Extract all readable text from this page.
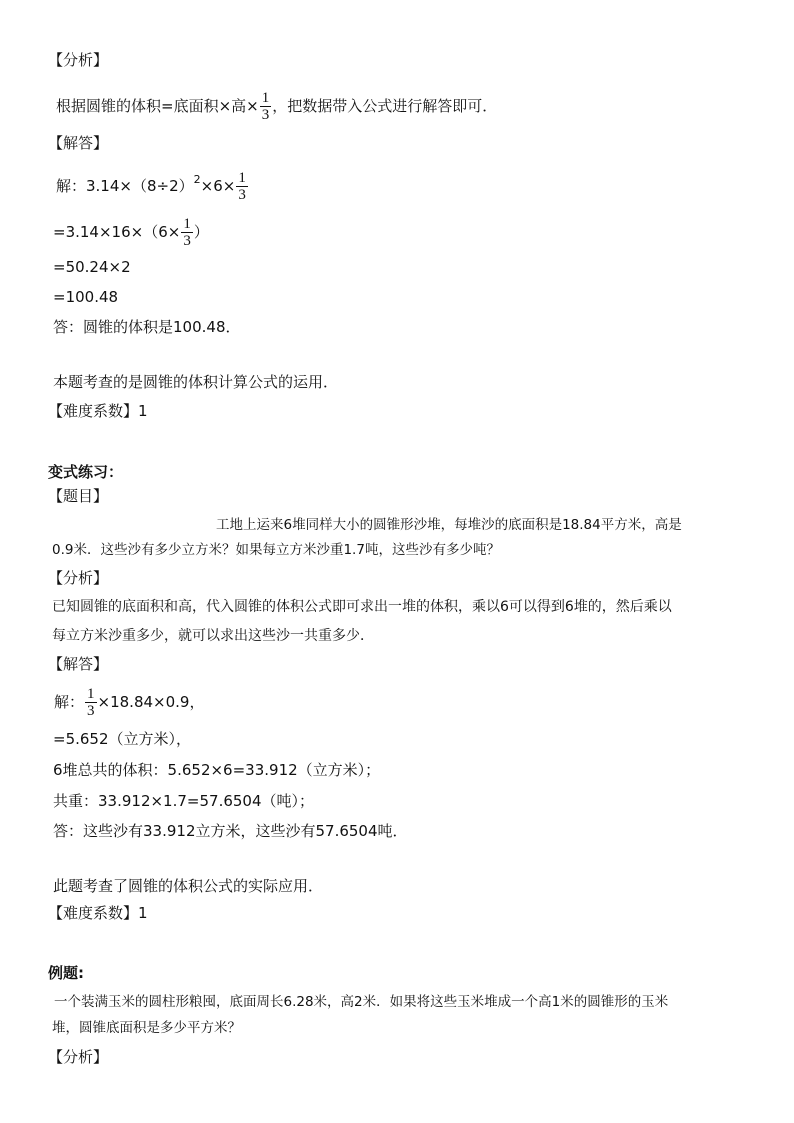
【分析】
根据圆锥的体积=底面积×高× $\frac{1}{3}$ ，把数据带入公式进行解答即可．
【解答】
解：$3.14\times(8\div 2)^2\times 6\times \frac{1}{3}$
$=3.14\times 16\times(6\times \frac{1}{3}$ ）
=50.24×2
=100.48
答：圆锥的体积是100.48．
本题考查的是圆锥的体积计算公式的运用．
【难度系数】1
变式练习：
【题目】
工地上运来6堆同样大小的圆锥形沙堆，每堆沙的底面积是18.84平方米，高是
0.9米．这些沙有多少立方米？如果每立方米沙重1.7吨，这些沙有多少吨？
【分析】
已知圆锥的底面积和高，代入圆锥的体积公式即可求出一堆的体积，乘以6可以得到6堆的，然后乘以
每立方米沙重多少，就可以求出这些沙一共重多少．
【解答】
解： $\frac{1}{3} \times 18.84\times 0.9$，
=5.652（立方米），
6堆总共的体积：5.652×6=33.912（立方米）；
共重：33.912×1.7=57.6504（吨）；
答：这些沙有33.912立方米，这些沙有57.6504吨．
此题考查了圆锥的体积公式的实际应用．
【难度系数】1
例题:
一个装满玉米的圆柱形粮囤，底面周长6.28米，高2米．如果将这些玉米堆成一个高1米的圆锥形的玉米
堆，圆锥底面积是多少平方米？
【分析】
